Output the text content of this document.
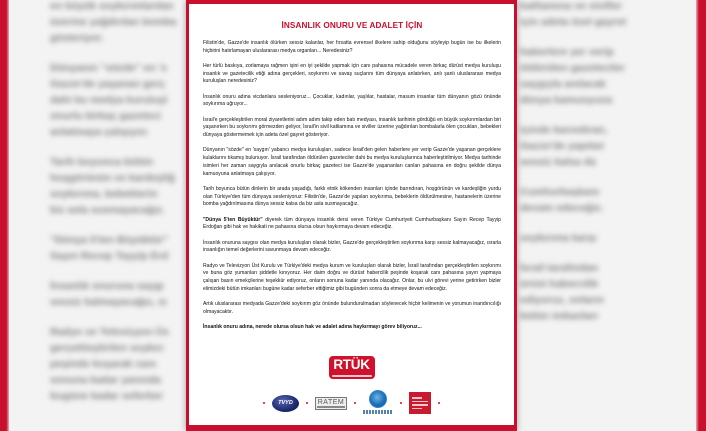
en büyük soykırımlardan
üzerine yağdırılan bomba

gösteriyor.

Dünyanın "sözde" en 's
Gazze'de yaşanan gerç
dahi bu medya kuruluşl
onurlu birkaç gazeteci

anlatmaya çalışıyor.

Tarih boyunca bütün
hoşgörünün ve kardeşliğ
soykırıma, bebeklerin

biz asla susmayacağız.

"Dünya 5'ten Büyüktür"

Sayın Recep Tayyip Erd

İnsanlık onuruna saygı

sessiz kalmayacağız, ıs

Radyo ve Televizyon Üs
gerçekleştirilen soykırı
peşinde koşarak canı
sonuna kadar yanında
bugüne kadar seferber
katliamına ve siviller

için adeta özel gayret

haberlere yer verip
öldürülen gazeteciler
saygıyla anılacak

dünya kamuoyuna

içinde barındıran,
Gazze'de yapılan

sessiz kalsa da

Cumhurbaşkanı

devam edeceğiz.

soykırıma karşı

İsrail tarafından
ürüst habercilik
ediyoruz, onların
bütün imkanları
İNSANLIK ONURU VE ADALET İÇİN

Filistin'de, Gazze'de insanlık ölürken sessiz kalanlar, her fırsatta evrensel ilkelere sahip olduğunu söyleyip bugün ise bu ilkelerin hiçbirini hatırlamayan uluslararası medya organları... Neredesiniz?

Her türlü baskıya, zorlamaya rağmen işini en iyi şekilde yapmak için canı pahasına mücadele veren birkaç dürüst medya kuruluşu insanlık ve gazetecilik etiği adına gerçekleri, soykırımı ve savaş suçlarını tüm dünyaya anlatırken, anlı şanlı uluslararası medya kuruluşları neredesiniz?

İnsanlık onuru adına vicdanlara sesleniyoruz... Çocuklar, kadınlar, yaşlılar, hastalar, masum insanlar tüm dünyanın gözü önünde soykırıma uğruyor...

İsrail'e gerçekleştirilen moral ziyaretlerini adım adım takip eden batı medyası, insanlık tarihinin gördüğü en büyük soykırımlardan biri yaşanırken bu soykırımı görmezden geliyor, İsrail'in sivil katliamına ve siviller üzerine yağdırılan bombalarla ölen çocukları, bebekleri dünyaya göstermemek için adeta özel gayret gösteriyor.

Dünyanın "sözde" en 'saygın' yabancı medya kuruluşları, sadece İsrail'den gelen haberlere yer verip Gazze'de yaşanan gerçeklere kulaklarını tıkamış bulunuyor. İsrail tarafından öldürülen gazeteciler dahi bu medya kuruluşlarınca haberleştirilmiyor. Medya tarihinde isimleri her zaman saygıyla anılacak onurlu birkaç gazeteci ise Gazze'de yaşananları canları pahasına en doğru şekilde dünya kamuoyuna anlatmaya çalışıyor.

Tarih boyunca bütün dinlerin bir arada yaşadığı, farklı etnik kökenden insanları içinde barındıran, hoşgörünün ve kardeşliğin yurdu olan Türkiye'den tüm dünyaya sesleniyoruz: Filistin'de, Gazze'de yapılan soykırıma, bebeklerin öldürülmesine, hastanelerin üzerine bomba yağdırılmasına dünya sessiz kalsa da biz asla susmayacağız.

"Dünya 5'ten Büyüktür" diyerek tüm dünyaya insanlık dersi veren Türkiye Cumhuriyeti Cumhurbaşkanı Sayın Recep Tayyip Erdoğan gibi hak ve hakikati ne pahasına olursa olsun haykırmaya devam edeceğiz.

İnsanlık onuruna saygısı olan medya kuruluşları olarak bizler, Gazze'de gerçekleştirilen soykırıma karşı sessiz kalmayacağız, ısrarla insanlığın temel değerlerini savunmaya devam edeceğiz.

Radyo ve Televizyon Üst Kurulu ve Türkiye'deki medya kurum ve kuruluşları olarak bizler, İsrail tarafından gerçekleştirilen soykırımı ve buna göz yumanları şiddetle kınıyoruz. Her daim doğru ve dürüst habercilik peşinde koşarak canı pahasına yayın yapmaya çalışan basın emekçilerine teşekkür ediyoruz, onların sonuna kadar yanında olacağız. Onlar, bu ulvi görevi yerine getirirken bizler elimizdeki bütün imkanları bugüne kadar seferber ettiğimiz gibi bugünden sonra da etmeye devam edeceğiz.

Artık uluslararası medyada Gazze'deki soykırım göz önünde bulundurulmadan söylenecek hiçbir kelimenin ve yorumun inandırıcılığı olmayacaktır.

İnsanlık onuru adına, nerede olursa olsun hak ve adalet adına haykırmayı görev biliyoruz...

RTÜK
TVYD	RATEM
